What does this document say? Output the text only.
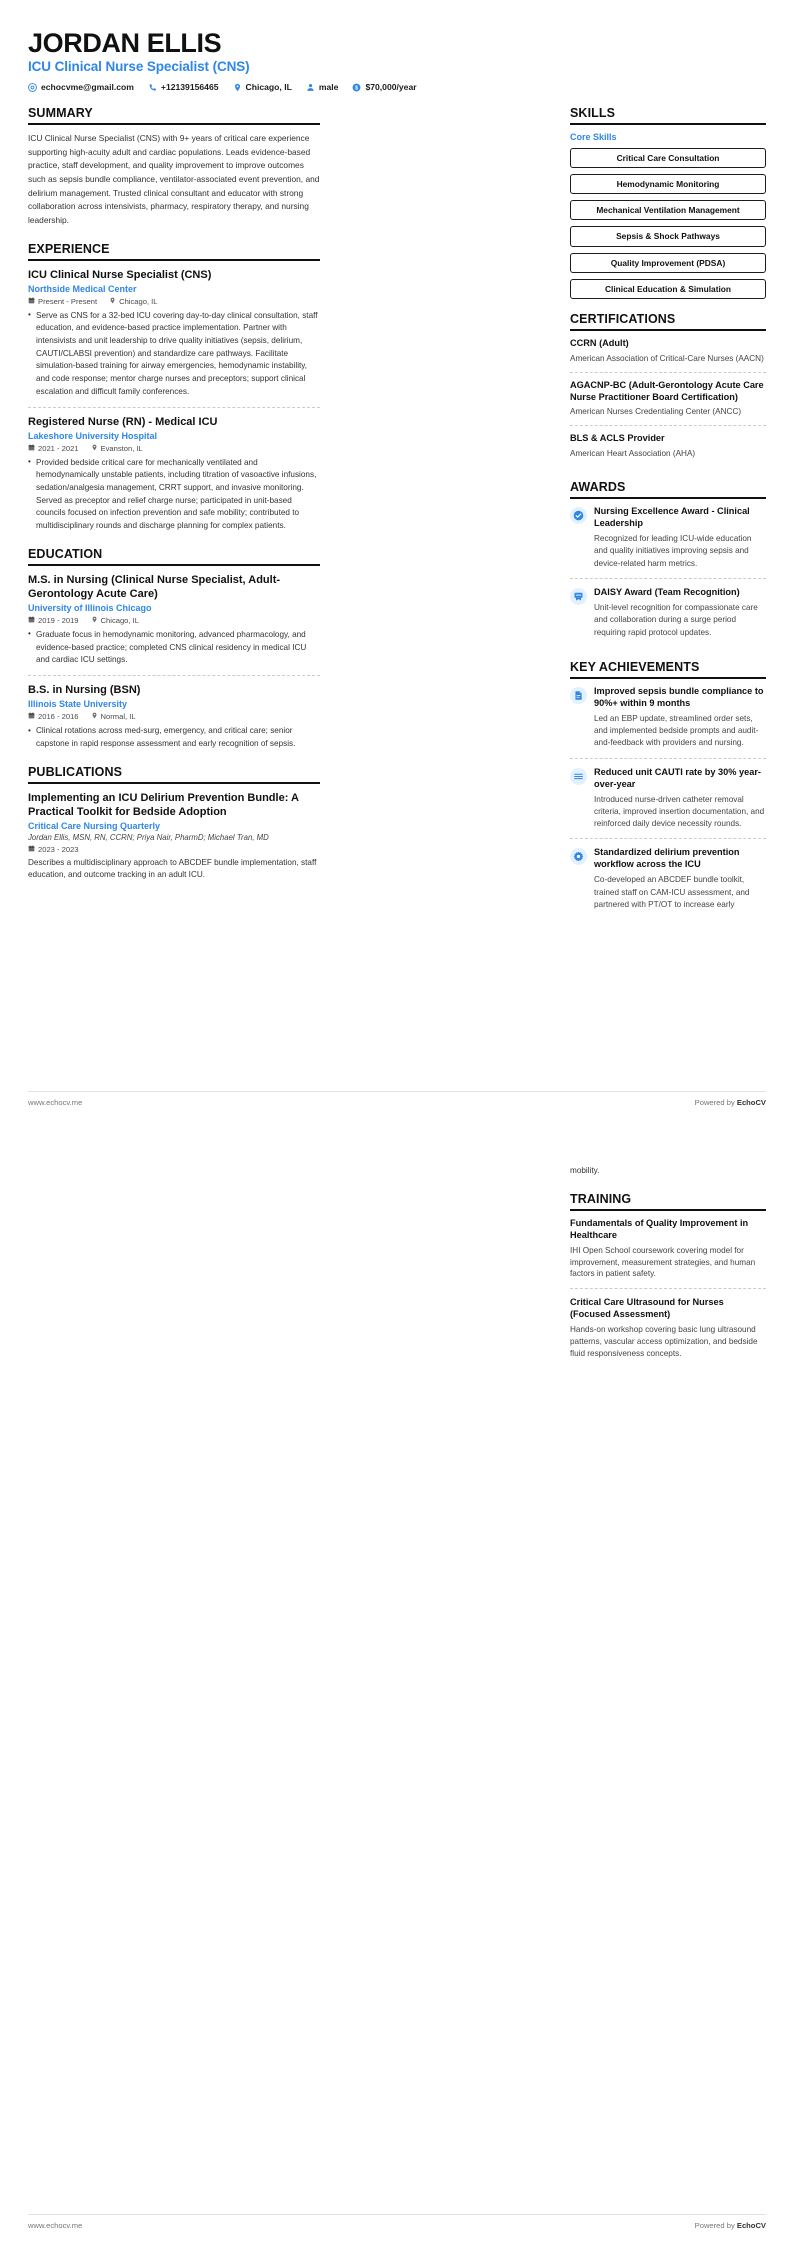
JORDAN ELLIS
ICU Clinical Nurse Specialist (CNS)
echocvme@gmail.com	+12139156465	Chicago, IL	male $ $70,000/year
SUMMARY
ICU Clinical Nurse Specialist (CNS) with 9+ years of critical care experience supporting high-acuity adult and cardiac populations. Leads evidence-based practice, staff development, and quality improvement to improve outcomes such as sepsis bundle compliance, ventilator-associated event prevention, and delirium management. Trusted clinical consultant and educator with strong collaboration across intensivists, pharmacy, respiratory therapy, and nursing leadership.
EXPERIENCE
ICU Clinical Nurse Specialist (CNS)
Northside Medical Center
Present - Present	Chicago, IL
• Serve as CNS for a 32-bed ICU covering day-to-day clinical consultation, staff education, and evidence-based practice implementation. Partner with intensivists and unit leadership to drive quality initiatives (sepsis, delirium, CAUTI/CLABSI prevention) and standardize care pathways. Facilitate simulation-based training for airway emergencies, hemodynamic instability, and code response; mentor charge nurses and preceptors; support clinical escalation and difficult family conferences.
Registered Nurse (RN) - Medical ICU
Lakeshore University Hospital
2021 - 2021	Evanston, IL
• Provided bedside critical care for mechanically ventilated and hemodynamically unstable patients, including titration of vasoactive infusions, sedation/analgesia management, CRRT support, and invasive monitoring. Served as preceptor and relief charge nurse; participated in unit-based councils focused on infection prevention and safe mobility; contributed to multidisciplinary rounds and discharge planning for complex patients.
EDUCATION
M.S. in Nursing (Clinical Nurse Specialist, Adult-Gerontology Acute Care)
University of Illinois Chicago
2019 - 2019	Chicago, IL
• Graduate focus in hemodynamic monitoring, advanced pharmacology, and evidence-based practice; completed CNS clinical residency in medical ICU and cardiac ICU settings.
B.S. in Nursing (BSN)
Illinois State University
2016 - 2016	Normal, IL
• Clinical rotations across med-surg, emergency, and critical care; senior capstone in rapid response assessment and early recognition of sepsis.
PUBLICATIONS
Implementing an ICU Delirium Prevention Bundle: A Practical Toolkit for Bedside Adoption
Critical Care Nursing Quarterly
Jordan Ellis, MSN, RN, CCRN; Priya Nair, PharmD; Michael Tran, MD
2023 - 2023
Describes a multidisciplinary approach to ABCDEF bundle implementation, staff education, and outcome tracking in an adult ICU.
SKILLS
Core Skills
Critical Care Consultation
Hemodynamic Monitoring
Mechanical Ventilation Management
Sepsis & Shock Pathways
Quality Improvement (PDSA)
Clinical Education & Simulation
CERTIFICATIONS
CCRN (Adult)
American Association of Critical-Care Nurses (AACN)
AGACNP-BC (Adult-Gerontology Acute Care Nurse Practitioner Board Certification)
American Nurses Credentialing Center (ANCC)
BLS & ACLS Provider
American Heart Association (AHA)
AWARDS
Nursing Excellence Award - Clinical Leadership
Recognized for leading ICU-wide education and quality initiatives improving sepsis and device-related harm metrics.
DAISY Award (Team Recognition)
Unit-level recognition for compassionate care and collaboration during a surge period requiring rapid protocol updates.
KEY ACHIEVEMENTS
Improved sepsis bundle compliance to 90%+ within 9 months
Led an EBP update, streamlined order sets, and implemented bedside prompts and audit-and-feedback with providers and nursing.
Reduced unit CAUTI rate by 30% year-over-year
Introduced nurse-driven catheter removal criteria, improved insertion documentation, and reinforced daily device necessity rounds.
Standardized delirium prevention workflow across the ICU
Co-developed an ABCDEF bundle toolkit, trained staff on CAM-ICU assessment, and partnered with PT/OT to increase early
www.echocv.me	Powered by EchoCV
mobility.
TRAINING
Fundamentals of Quality Improvement in Healthcare
IHI Open School coursework covering model for improvement, measurement strategies, and human factors in patient safety.
Critical Care Ultrasound for Nurses (Focused Assessment)
Hands-on workshop covering basic lung ultrasound patterns, vascular access optimization, and bedside fluid responsiveness concepts.
www.echocv.me	Powered by EchoCV
